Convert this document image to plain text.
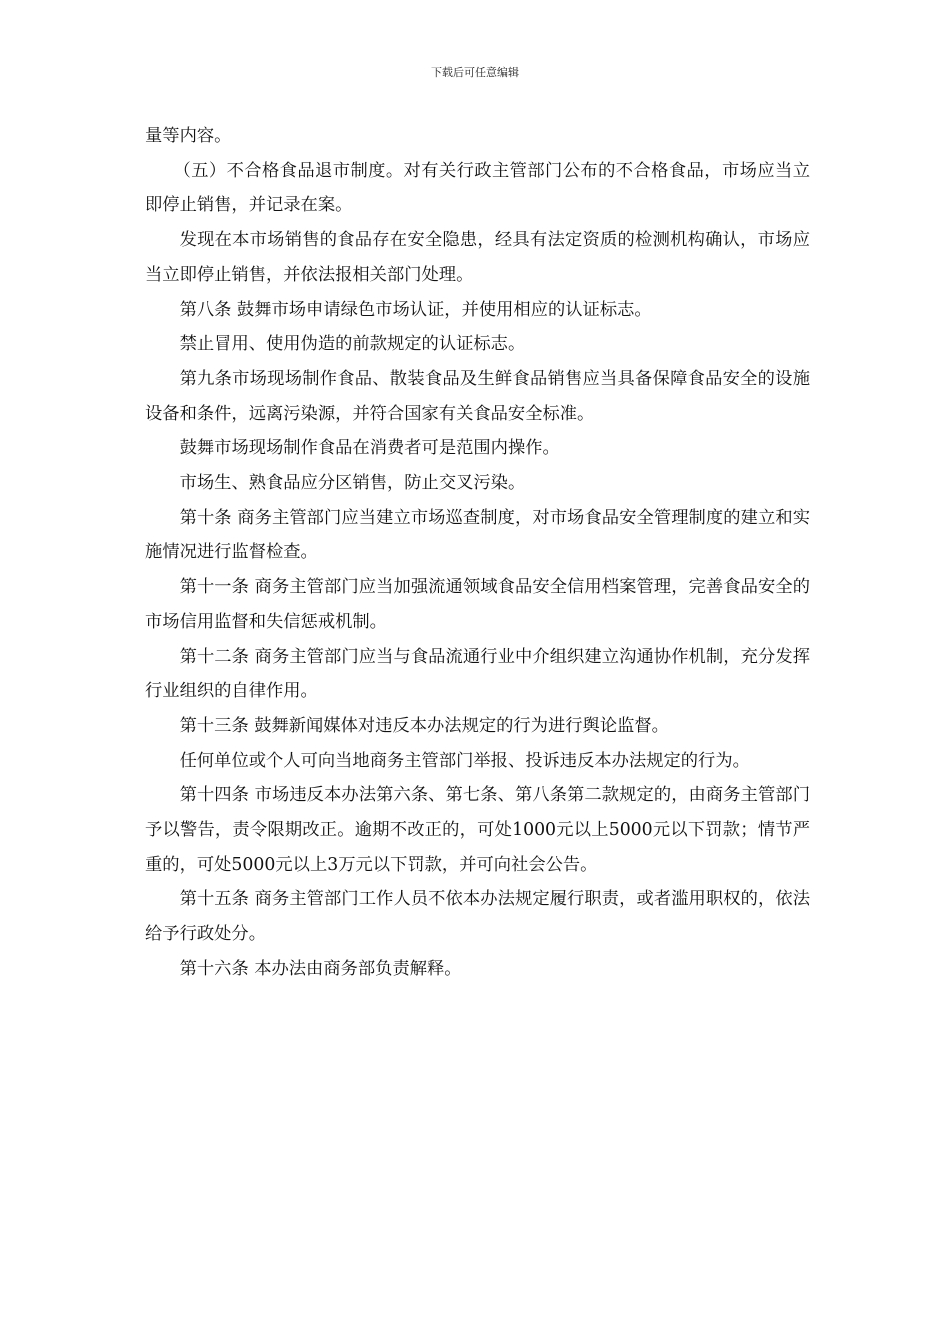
下载后可任意编辑

量等内容。

（五）不合格食品退市制度。对有关行政主管部门公布的不合格食品，市场应当立即停止销售，并记录在案。

发现在本市场销售的食品存在安全隐患，经具有法定资质的检测机构确认，市场应当立即停止销售，并依法报相关部门处理。

第八条 鼓舞市场申请绿色市场认证，并使用相应的认证标志。

禁止冒用、使用伪造的前款规定的认证标志。

第九条市场现场制作食品、散装食品及生鲜食品销售应当具备保障食品安全的设施设备和条件，远离污染源，并符合国家有关食品安全标准。

鼓舞市场现场制作食品在消费者可是范围内操作。

市场生、熟食品应分区销售，防止交叉污染。

第十条 商务主管部门应当建立市场巡查制度，对市场食品安全管理制度的建立和实施情况进行监督检查。

第十一条 商务主管部门应当加强流通领域食品安全信用档案管理，完善食品安全的市场信用监督和失信惩戒机制。

第十二条 商务主管部门应当与食品流通行业中介组织建立沟通协作机制，充分发挥行业组织的自律作用。

第十三条 鼓舞新闻媒体对违反本办法规定的行为进行舆论监督。

任何单位或个人可向当地商务主管部门举报、投诉违反本办法规定的行为。

第十四条 市场违反本办法第六条、第七条、第八条第二款规定的，由商务主管部门予以警告，责令限期改正。逾期不改正的，可处1000元以上5000元以下罚款；情节严重的，可处5000元以上3万元以下罚款，并可向社会公告。

第十五条 商务主管部门工作人员不依本办法规定履行职责，或者滥用职权的，依法给予行政处分。

第十六条 本办法由商务部负责解释。
